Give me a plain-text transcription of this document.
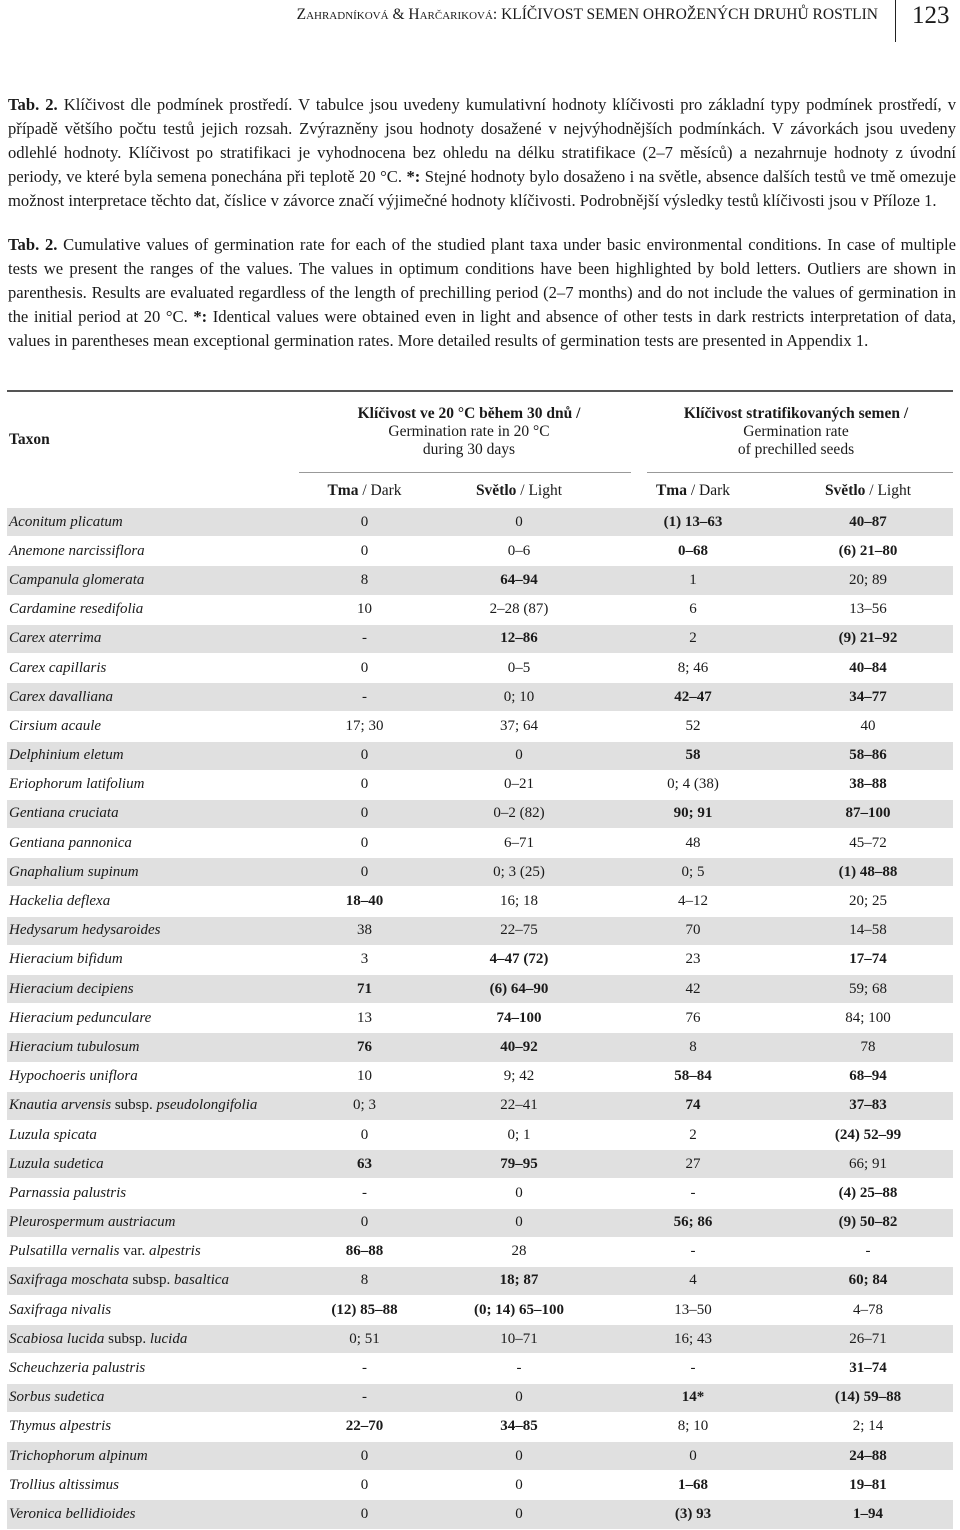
Zahradníková & Harčariková: KLÍČIVOST SEMEN OHROŽENÝCH DRUHŮ ROSTLIN 123
Tab. 2. Klíčivost dle podmínek prostředí. V tabulce jsou uvedeny kumulativní hodnoty klíčivosti pro základní typy podmínek prostředí, v případě většího počtu testů jejich rozsah. Zvýrazněny jsou hodnoty dosažené v nejvýhodnějších podmínkách. V závorkách jsou uvedeny odlehlé hodnoty. Klíčivost po stratifikaci je vyhodnocena bez ohledu na délku stratifikace (2–7 měsíců) a nezahrnuje hodnoty z úvodní periody, ve které byla semena ponechána při teplotě 20 °C. *: Stejné hodnoty bylo dosaženo i na světle, absence dalších testů ve tmě omezuje možnost interpretace těchto dat, číslice v závorce značí výjimečné hodnoty klíčivosti. Podrobnější výsledky testů klíčivosti jsou v Příloze 1.
Tab. 2. Cumulative values of germination rate for each of the studied plant taxa under basic environmental conditions. In case of multiple tests we present the ranges of the values. The values in optimum conditions have been highlighted by bold letters. Outliers are shown in parenthesis. Results are evaluated regardless of the length of prechilling period (2–7 months) and do not include the values of germination in the initial period at 20 °C. *: Identical values were obtained even in light and absence of other tests in dark restricts interpretation of data, values in parentheses mean exceptional germination rates. More detailed results of germination tests are presented in Appendix 1.
Taxon
Klíčivost ve 20 °C během 30 dnů /
Germination rate in 20 °C
during 30 days
Klíčivost stratifikovaných semen /
Germination rate
of prechilled seeds
Tma / Dark	Světlo / Light	Tma / Dark	Světlo / Light
Aconitum plicatum	0	0	(1) 13–63	40–87
Anemone narcissiflora	0	0–6	0–68	(6) 21–80
Campanula glomerata	8	64–94	1	20; 89
Cardamine resedifolia	10	2–28 (87)	6	13–56
Carex aterrima	-	12–86	2	(9) 21–92
Carex capillaris	0	0–5	8; 46	40–84
Carex davalliana	-	0; 10	42–47	34–77
Cirsium acaule	17; 30	37; 64	52	40
Delphinium eletum	0	0	58	58–86
Eriophorum latifolium	0	0–21	0; 4 (38)	38–88
Gentiana cruciata	0	0–2 (82)	90; 91	87–100
Gentiana pannonica	0	6–71	48	45–72
Gnaphalium supinum	0	0; 3 (25)	0; 5	(1) 48–88
Hackelia deflexa	18–40	16; 18	4–12	20; 25
Hedysarum hedysaroides	38	22–75	70	14–58
Hieracium bifidum	3	4–47 (72)	23	17–74
Hieracium decipiens	71	(6) 64–90	42	59; 68
Hieracium pedunculare	13	74–100	76	84; 100
Hieracium tubulosum	76	40–92	8	78
Hypochoeris uniflora	10	9; 42	58–84	68–94
Knautia arvensis subsp. pseudolongifolia	0; 3	22–41	74	37–83
Luzula spicata	0	0; 1	2	(24) 52–99
Luzula sudetica	63	79–95	27	66; 91
Parnassia palustris	-	0	-	(4) 25–88
Pleurospermum austriacum	0	0	56; 86	(9) 50–82
Pulsatilla vernalis var. alpestris	86–88	28	-	-
Saxifraga moschata subsp. basaltica	8	18; 87	4	60; 84
Saxifraga nivalis	(12) 85–88	(0; 14) 65–100	13–50	4–78
Scabiosa lucida subsp. lucida	0; 51	10–71	16; 43	26–71
Scheuchzeria palustris	-	-	-	31–74
Sorbus sudetica	-	0	14*	(14) 59–88
Thymus alpestris	22–70	34–85	8; 10	2; 14
Trichophorum alpinum	0	0	0	24–88
Trollius altissimus	0	0	1–68	19–81
Veronica bellidioides	0	0	(3) 93	1–94
